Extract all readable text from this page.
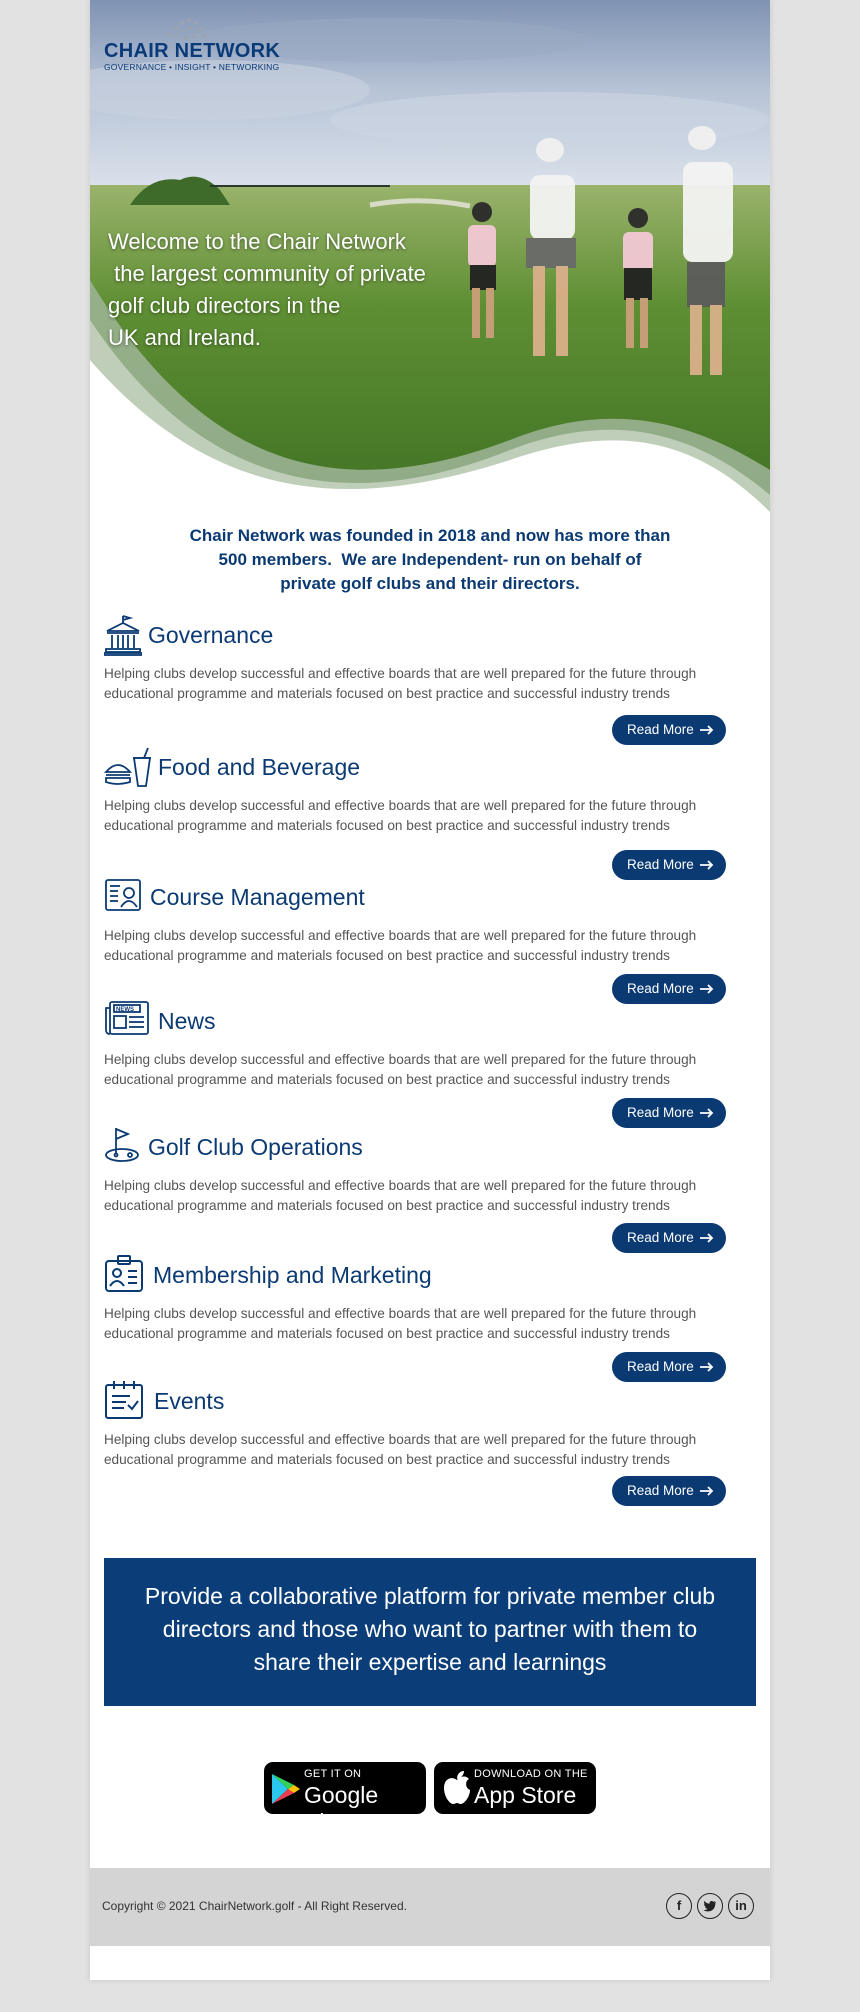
CHAIR NETWORK
GOVERNANCE • INSIGHT • NETWORKING
Welcome to the Chair Network
the largest community of private
golf club directors in the
UK and Ireland.
Chair Network was founded in 2018 and now has more than
500 members.  We are Independent- run on behalf of
private golf clubs and their directors.
Governance
Helping clubs develop successful and effective boards that are well prepared for the future through educational programme and materials focused on best practice and successful industry trends
Read More
Food and Beverage
Helping clubs develop successful and effective boards that are well prepared for the future through educational programme and materials focused on best practice and successful industry trends
Read More
Course Management
Helping clubs develop successful and effective boards that are well prepared for the future through educational programme and materials focused on best practice and successful industry trends
Read More
NEWS News
Helping clubs develop successful and effective boards that are well prepared for the future through educational programme and materials focused on best practice and successful industry trends
Read More
Golf Club Operations
Helping clubs develop successful and effective boards that are well prepared for the future through educational programme and materials focused on best practice and successful industry trends
Read More
Membership and Marketing
Helping clubs develop successful and effective boards that are well prepared for the future through educational programme and materials focused on best practice and successful industry trends
Read More
Events
Helping clubs develop successful and effective boards that are well prepared for the future through educational programme and materials focused on best practice and successful industry trends
Read More
Provide a collaborative platform for private member club directors and those who want to partner with them to share their expertise and learnings
GET IT ON
Google Play
DOWNLOAD ON THE
App Store
Copyright © 2021 ChairNetwork.golf - All Right Reserved.	f	in
